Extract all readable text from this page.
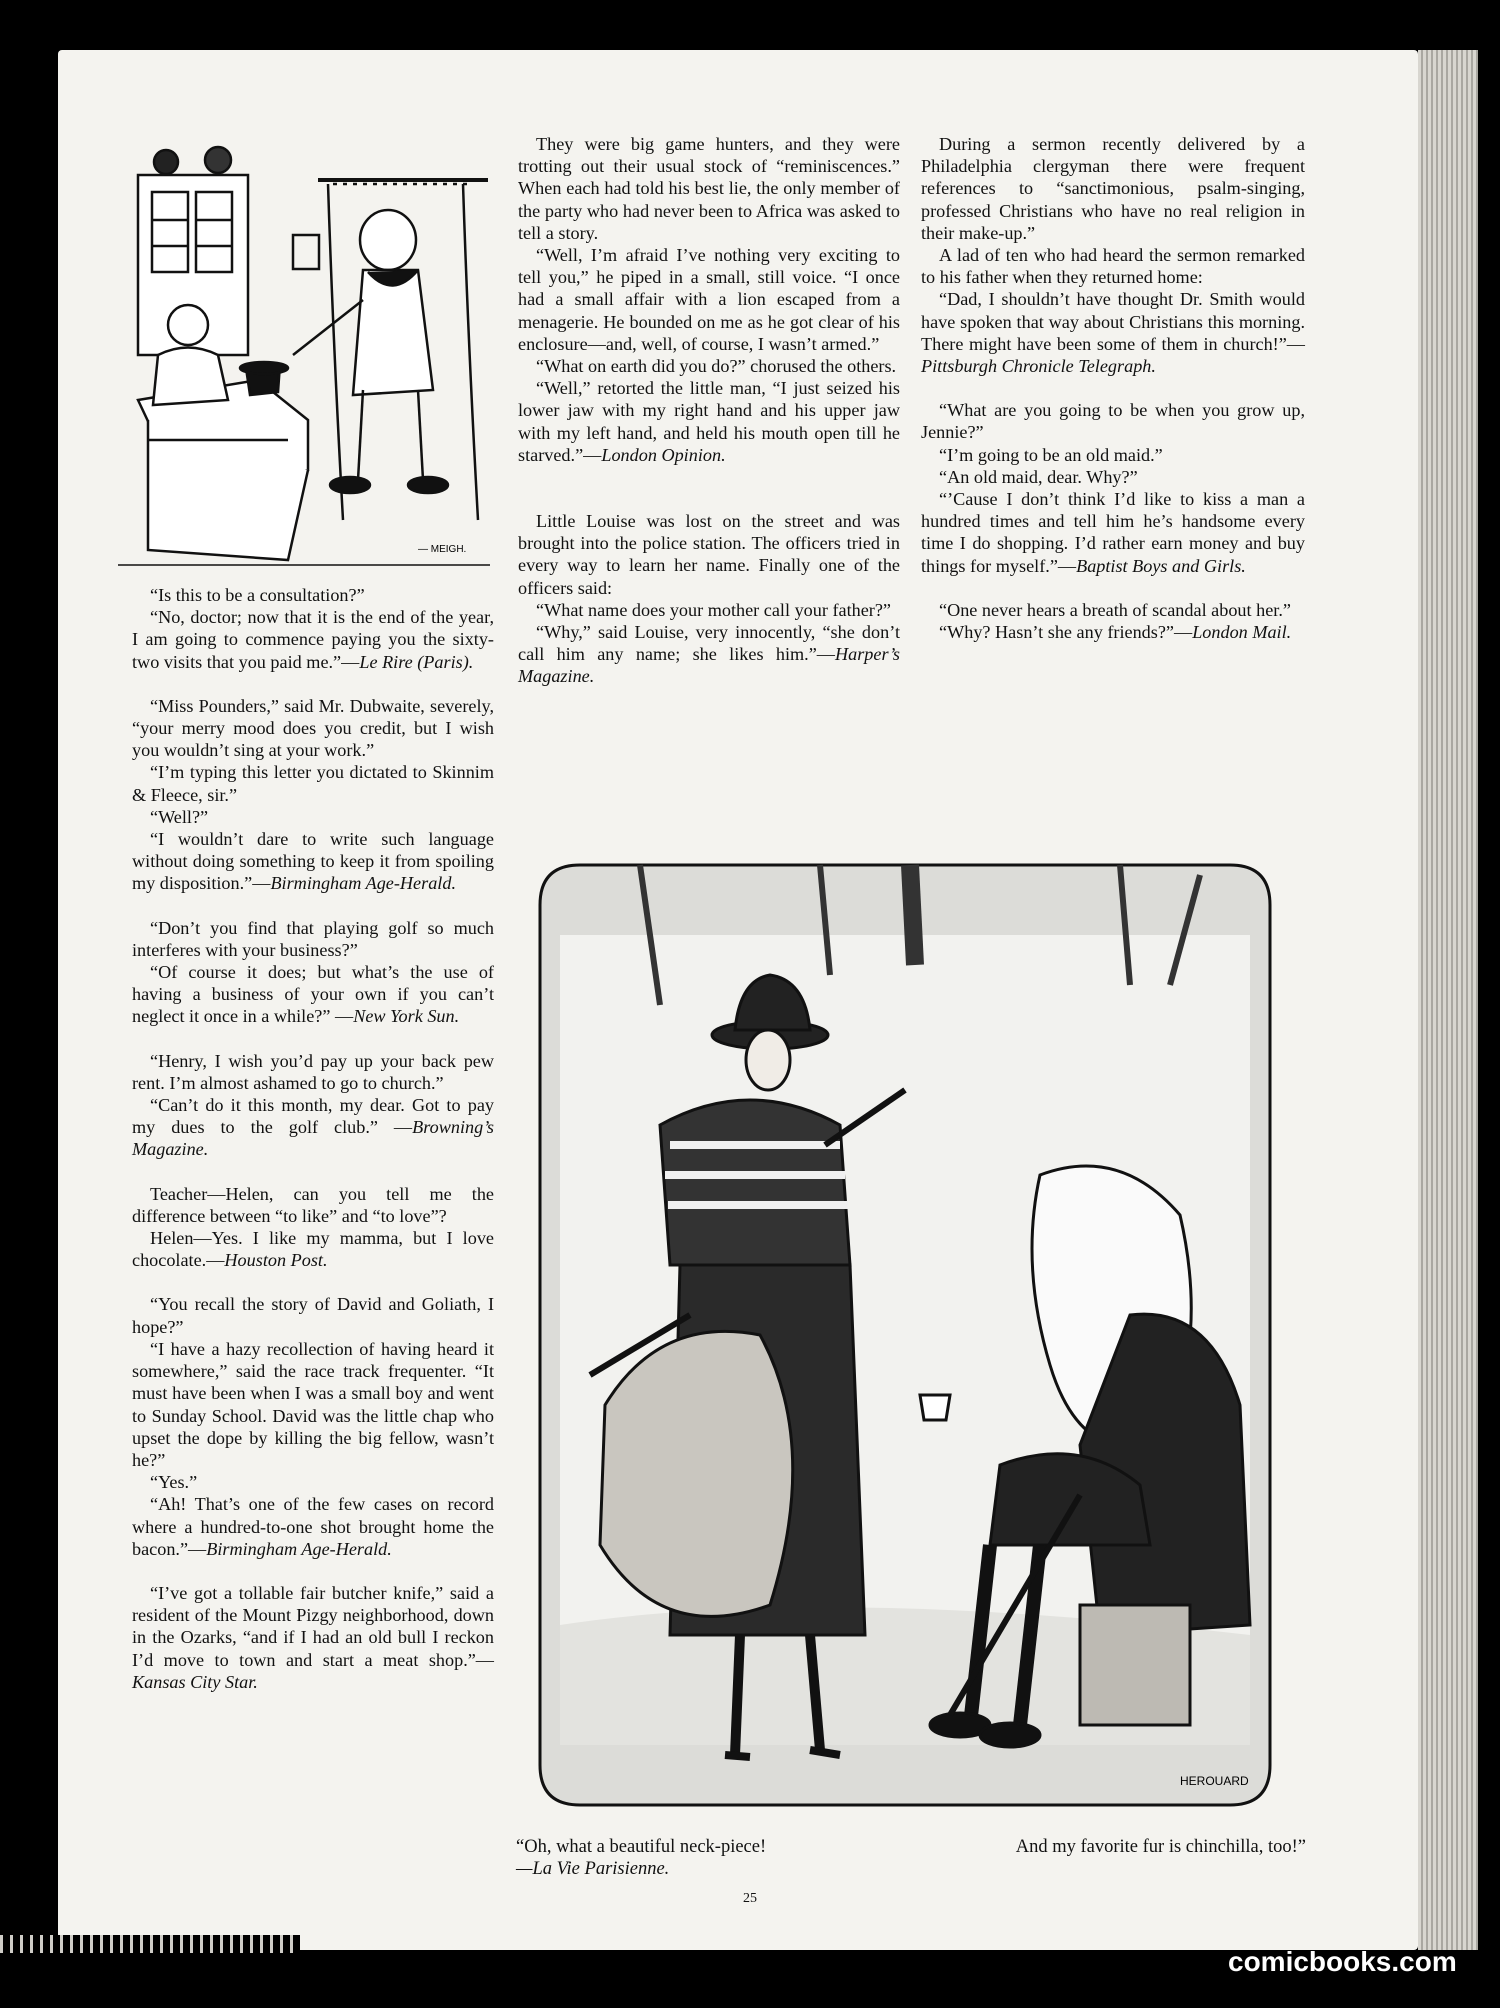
— MEIGH.

“Is this to be a consultation?”

“No, doctor; now that it is the end of the year, I am going to commence paying you the sixty-two visits that you paid me.”—Le Rire (Paris).

“Miss Pounders,” said Mr. Dubwaite, severely, “your merry mood does you credit, but I wish you wouldn’t sing at your work.”

“I’m typing this letter you dictated to Skinnim & Fleece, sir.”

“Well?”

“I wouldn’t dare to write such language without doing something to keep it from spoiling my disposition.”—Birmingham Age-Herald.

“Don’t you find that playing golf so much interferes with your business?”

“Of course it does; but what’s the use of having a business of your own if you can’t neglect it once in a while?” —New York Sun.

“Henry, I wish you’d pay up your back pew rent. I’m almost ashamed to go to church.”

“Can’t do it this month, my dear. Got to pay my dues to the golf club.” —Browning’s Magazine.

Teacher—Helen, can you tell me the difference between “to like” and “to love”?

Helen—Yes. I like my mamma, but I love chocolate.—Houston Post.

“You recall the story of David and Goliath, I hope?”

“I have a hazy recollection of having heard it somewhere,” said the race track frequenter. “It must have been when I was a small boy and went to Sunday School. David was the little chap who upset the dope by killing the big fellow, wasn’t he?”

“Yes.”

“Ah! That’s one of the few cases on record where a hundred-to-one shot brought home the bacon.”—Birmingham Age-Herald.

“I’ve got a tollable fair butcher knife,” said a resident of the Mount Pizgy neighborhood, down in the Ozarks, “and if I had an old bull I reckon I’d move to town and start a meat shop.”—Kansas City Star.

They were big game hunters, and they were trotting out their usual stock of “reminiscences.” When each had told his best lie, the only member of the party who had never been to Africa was asked to tell a story.

“Well, I’m afraid I’ve nothing very exciting to tell you,” he piped in a small, still voice. “I once had a small affair with a lion escaped from a menagerie. He bounded on me as he got clear of his enclosure—and, well, of course, I wasn’t armed.”

“What on earth did you do?” chorused the others.

“Well,” retorted the little man, “I just seized his lower jaw with my right hand and his upper jaw with my left hand, and held his mouth open till he starved.”—London Opinion.

Little Louise was lost on the street and was brought into the police station. The officers tried in every way to learn her name. Finally one of the officers said:

“What name does your mother call your father?”

“Why,” said Louise, very innocently, “she don’t call him any name; she likes him.”—Harper’s Magazine.

During a sermon recently delivered by a Philadelphia clergyman there were frequent references to “sanctimonious, psalm-singing, professed Christians who have no real religion in their make-up.”

A lad of ten who had heard the sermon remarked to his father when they returned home:

“Dad, I shouldn’t have thought Dr. Smith would have spoken that way about Christians this morning. There might have been some of them in church!”—Pittsburgh Chronicle Telegraph.

“What are you going to be when you grow up, Jennie?”

“I’m going to be an old maid.”

“An old maid, dear. Why?”

“’Cause I don’t think I’d like to kiss a man a hundred times and tell him he’s handsome every time I do shopping. I’d rather earn money and buy things for myself.”—Baptist Boys and Girls.

“One never hears a breath of scandal about her.”

“Why? Hasn’t she any friends?”—London Mail.

HEROUARD
“Oh, what a beautiful neck-piece!	And my favorite fur is chinchilla, too!”
—La Vie Parisienne.
25
comicbooks.com
